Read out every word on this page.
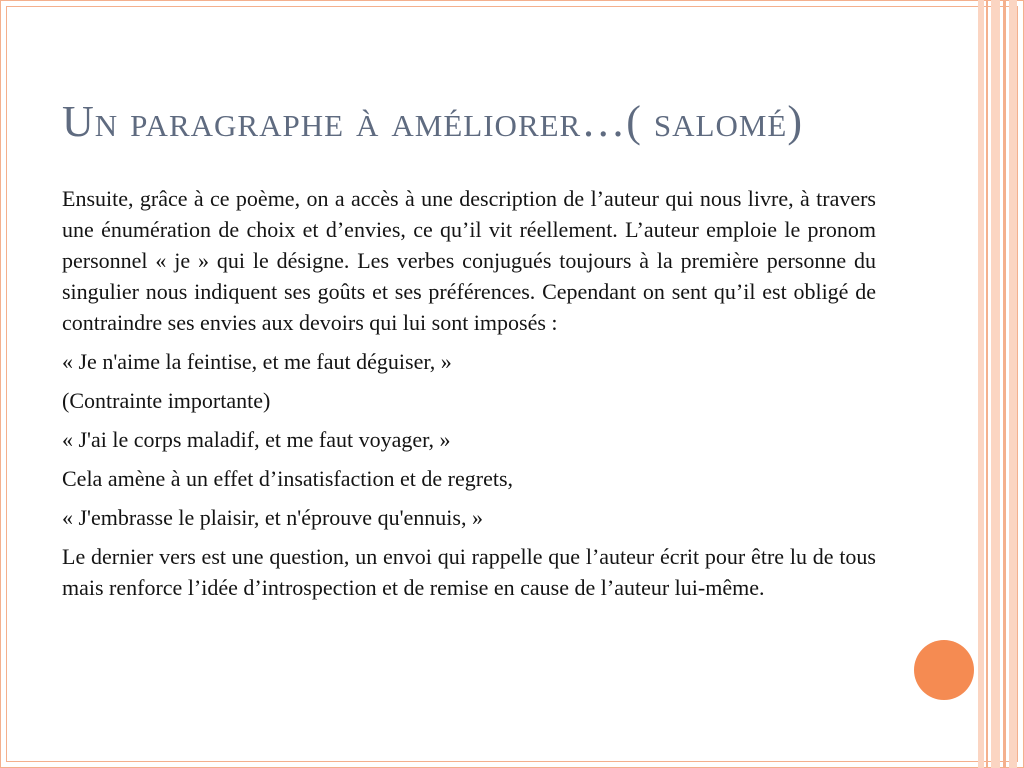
Un paragraphe à améliorer…( salomé)

Ensuite, grâce à ce poème, on a accès à une description de l’auteur qui nous livre, à travers une énumération de choix et d’envies, ce qu’il vit réellement. L’auteur emploie le pronom personnel « je » qui le désigne. Les verbes conjugués toujours à la première personne du singulier nous indiquent ses goûts et ses préférences. Cependant on sent qu’il est obligé de contraindre ses envies aux devoirs qui lui sont imposés :

« Je n'aime la feintise, et me faut déguiser, »

(Contrainte importante)

« J'ai le corps maladif, et me faut voyager, »

Cela amène à un effet d’insatisfaction et de regrets,

« J'embrasse le plaisir, et n'éprouve qu'ennuis, »

Le dernier vers est une question, un envoi qui rappelle que l’auteur écrit pour être lu de tous mais renforce l’idée d’introspection et de remise en cause de l’auteur lui-même.
